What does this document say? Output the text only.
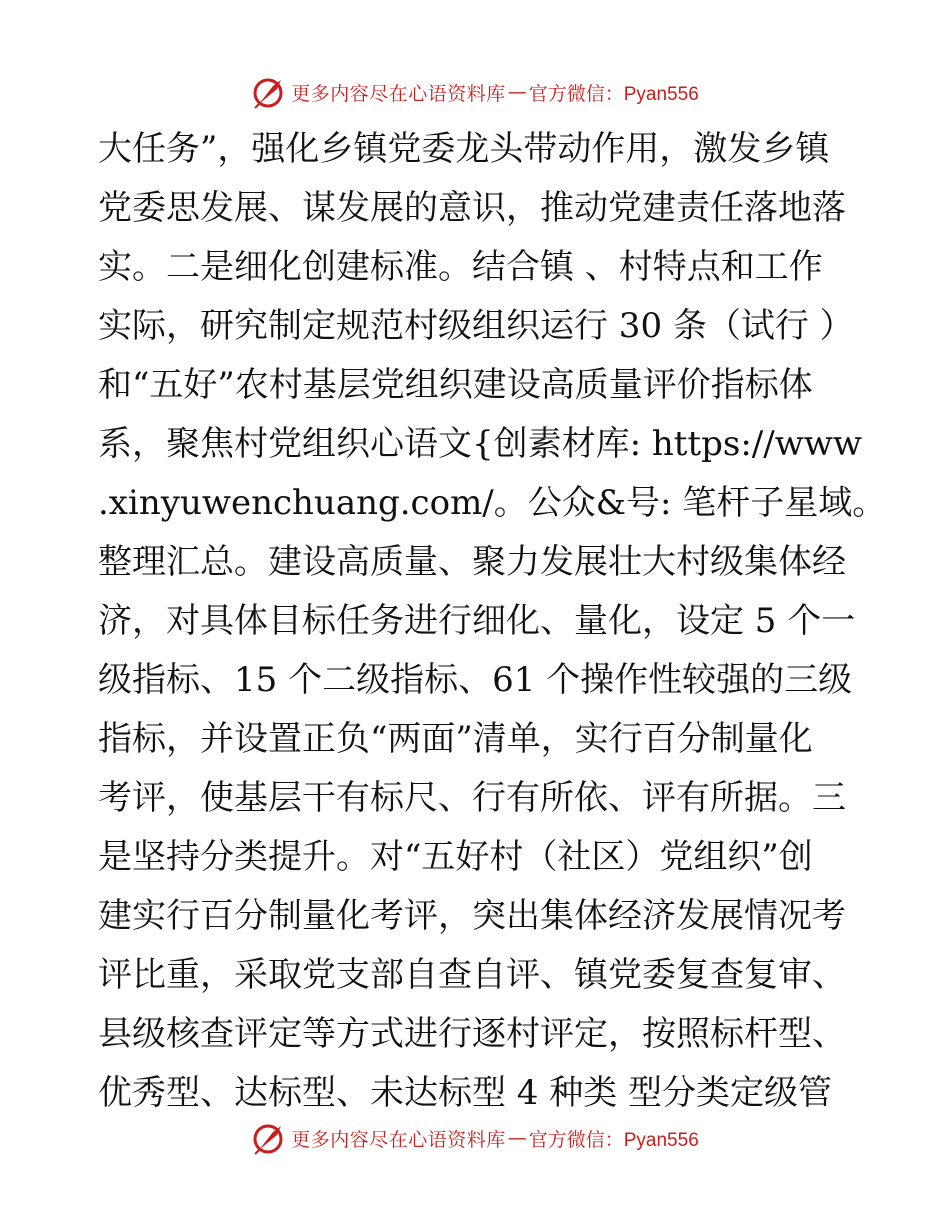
更多内容尽在心语资料库 — 官方微信：Pyan556
大任务”，强化乡镇党委龙头带动作用，激发乡镇
党委思发展、谋发展的意识，推动党建责任落地落
实。二是细化创建标准。结合镇 、村特点和工作
实际，研究制定规范村级组织运行 30 条（试行 ）
和“五好”农村基层党组织建设高质量评价指标体
系，聚焦村党组织心语文{创素材库: https://www
.xinyuwenchuang.com/。公众&号: 笔杆子星域。
整理汇总。建设高质量、聚力发展壮大村级集体经
济，对具体目标任务进行细化、量化，设定 5 个一
级指标、15 个二级指标、61 个操作性较强的三级
指标，并设置正负“两面”清单，实行百分制量化
考评，使基层干有标尺、行有所依、评有所据。三
是坚持分类提升。对“五好村（社区）党组织”创
建实行百分制量化考评，突出集体经济发展情况考
评比重，采取党支部自查自评、镇党委复查复审、
县级核查评定等方式进行逐村评定，按照标杆型、
优秀型、达标型、未达标型 4 种类 型分类定级管
更多内容尽在心语资料库 — 官方微信：Pyan556
